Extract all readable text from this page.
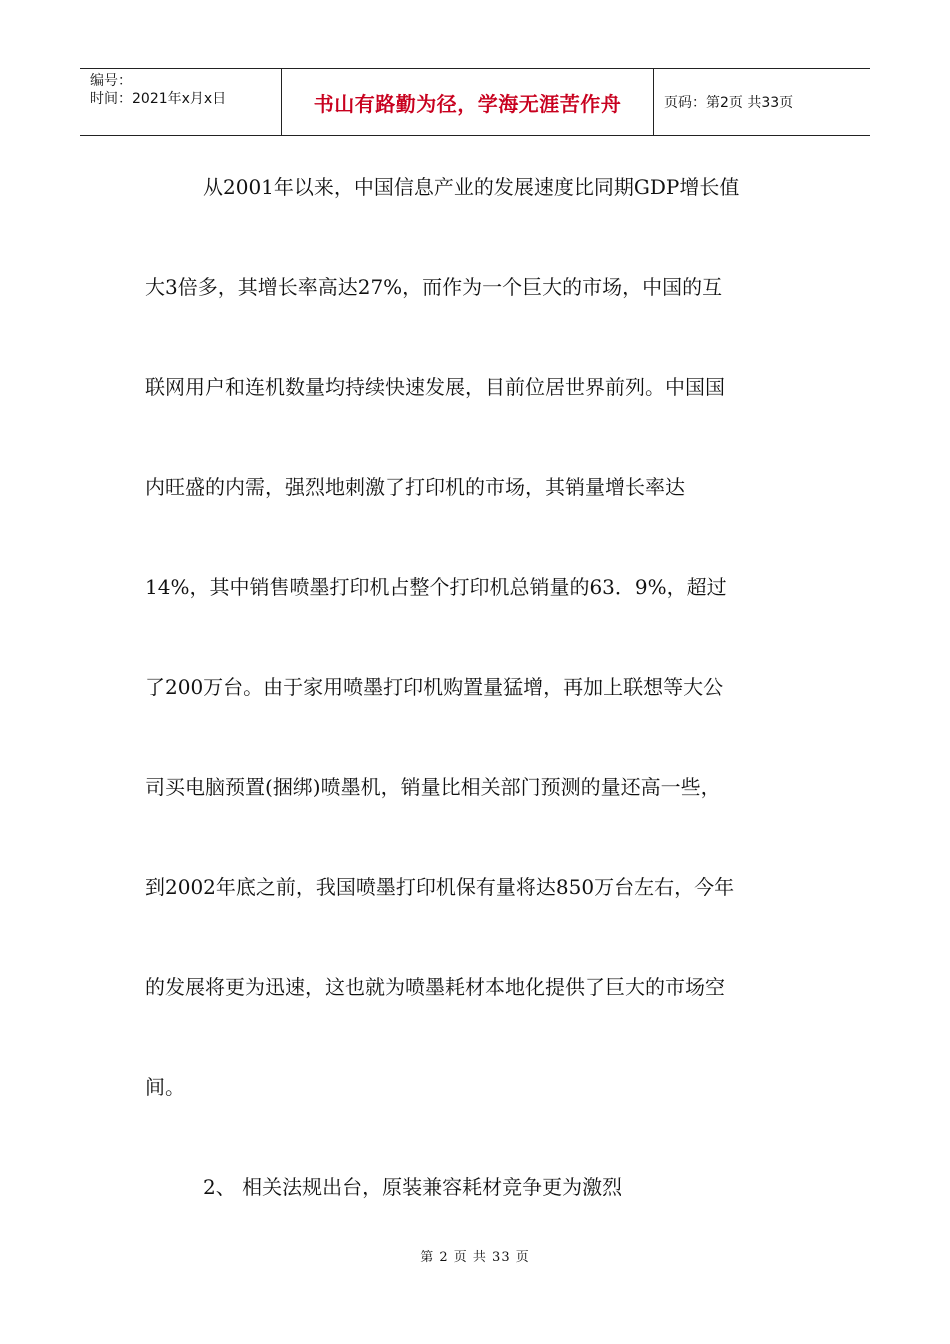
编号：
时间：2021年x月x日	书山有路勤为径，学海无涯苦作舟	页码：第2页 共33页
从2001年以来，中国信息产业的发展速度比同期GDP增长值
大3倍多，其增长率高达27%，而作为一个巨大的市场，中国的互
联网用户和连机数量均持续快速发展，目前位居世界前列。中国国
内旺盛的内需，强烈地刺激了打印机的市场，其销量增长率达
14%，其中销售喷墨打印机占整个打印机总销量的63．9%，超过
了200万台。由于家用喷墨打印机购置量猛增，再加上联想等大公
司买电脑预置(捆绑)喷墨机，销量比相关部门预测的量还高一些，
到2002年底之前，我国喷墨打印机保有量将达850万台左右，今年
的发展将更为迅速，这也就为喷墨耗材本地化提供了巨大的市场空
间。
2、 相关法规出台，原装兼容耗材竞争更为激烈
第 2 页 共 33 页
